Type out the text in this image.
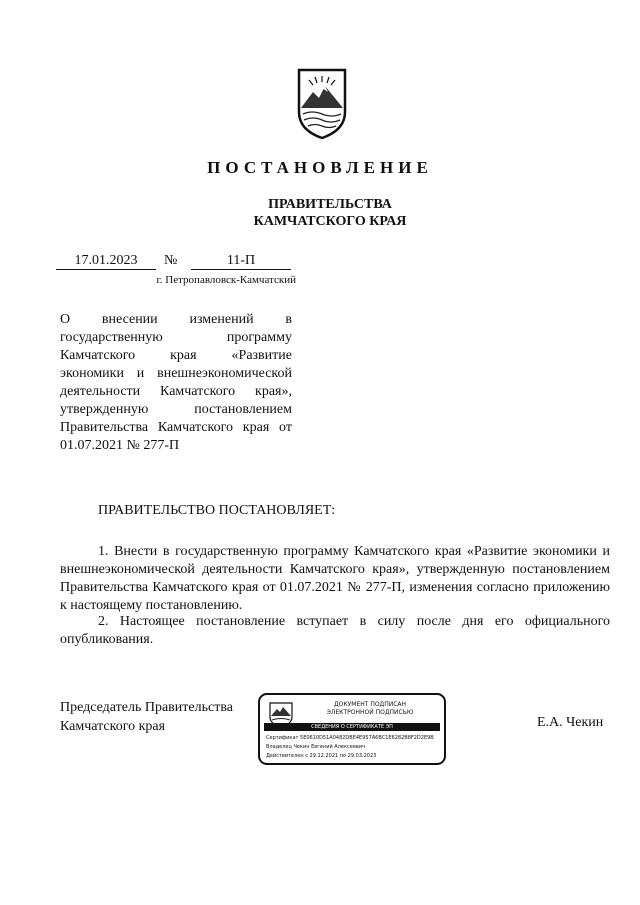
ПОСТАНОВЛЕНИЕ
ПРАВИТЕЛЬСТВА
КАМЧАТСКОГО КРАЯ
17.01.2023	№	11-П
г. Петропавловск-Камчатский
О внесении изменений в государственную программу Камчатского края «Развитие экономики и внешнеэкономической деятельности Камчатского края», утвержденную постановлением Правительства Камчатского края от 01.07.2021 № 277-П
ПРАВИТЕЛЬСТВО ПОСТАНОВЛЯЕТ:
1. Внести в государственную программу Камчатского края «Развитие экономики и внешнеэкономической деятельности Камчатского края», утвержденную постановлением Правительства Камчатского края от 01.07.2021 № 277-П, изменения согласно приложению к настоящему постановлению.
2. Настоящее постановление вступает в силу после дня его официального опубликования.
Председатель Правительства
Камчатского края
ДОКУМЕНТ ПОДПИСАН
ЭЛЕКТРОННОЙ ПОДПИСЬЮ
СВЕДЕНИЯ О СЕРТИФИКАТЕ ЭП
Сертификат 5E0610D51A0482DBE4E957A6BC1E6282B8F2D2E9B
Владелец Чекин Евгений Алексеевич
Действителен с 29.12.2021 по 29.03.2023
Е.А. Чекин
